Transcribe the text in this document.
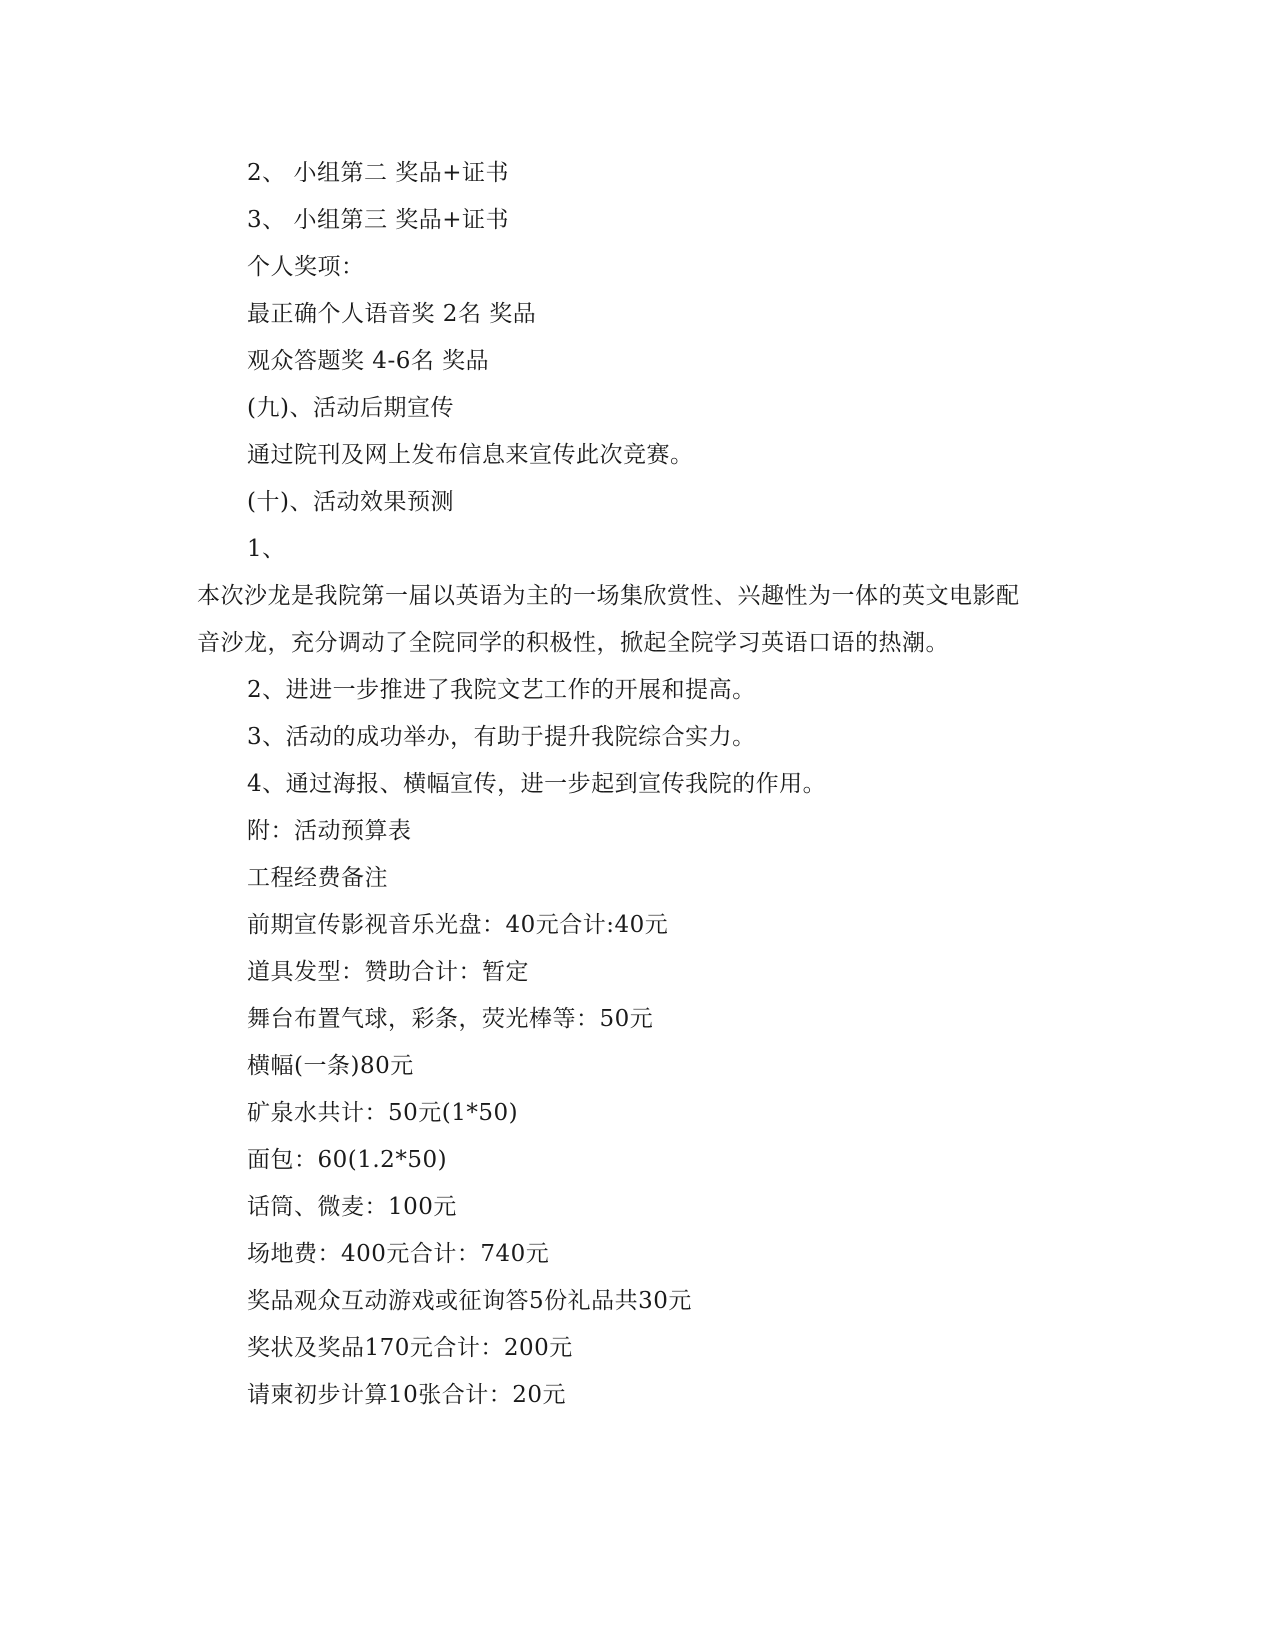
2、 小组第二 奖品+证书
3、 小组第三 奖品+证书
个人奖项：
最正确个人语音奖 2名 奖品
观众答题奖 4-6名 奖品
(九)、活动后期宣传
通过院刊及网上发布信息来宣传此次竞赛。
(十)、活动效果预测
1、
本次沙龙是我院第一届以英语为主的一场集欣赏性、兴趣性为一体的英文电影配
音沙龙，充分调动了全院同学的积极性，掀起全院学习英语口语的热潮。
2、进进一步推进了我院文艺工作的开展和提高。
3、活动的成功举办，有助于提升我院综合实力。
4、通过海报、横幅宣传，进一步起到宣传我院的作用。
附：活动预算表
工程经费备注
前期宣传影视音乐光盘：40元合计:40元
道具发型：赞助合计：暂定
舞台布置气球，彩条，荧光棒等：50元
横幅(一条)80元
矿泉水共计：50元(1*50)
面包：60(1.2*50)
话筒、微麦：100元
场地费：400元合计：740元
奖品观众互动游戏或征询答5份礼品共30元
奖状及奖品170元合计：200元
请柬初步计算10张合计：20元
